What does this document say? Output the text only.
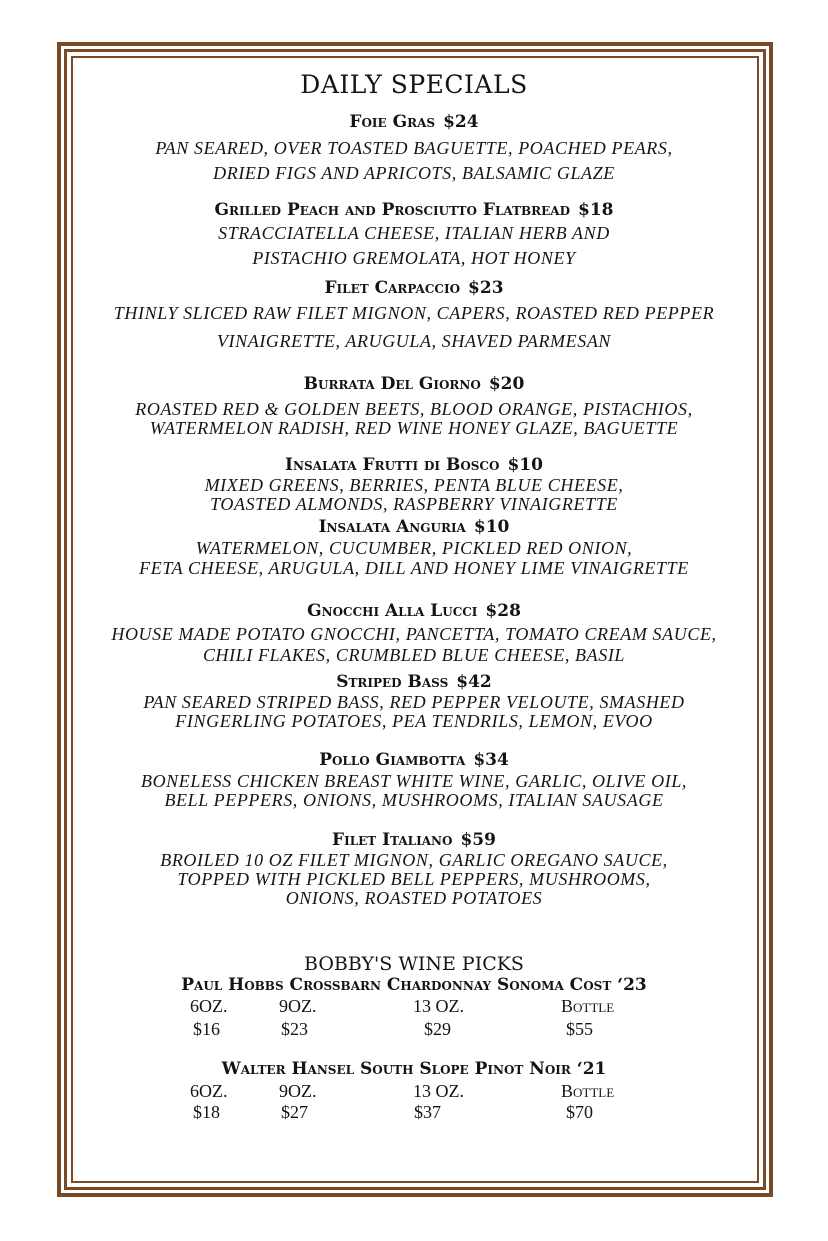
DAILY SPECIALS
Foie Gras $24
PAN SEARED, OVER TOASTED BAGUETTE, POACHED PEARS,
DRIED FIGS AND APRICOTS, BALSAMIC GLAZE
Grilled Peach and Prosciutto Flatbread $18
STRACCIATELLA CHEESE, ITALIAN HERB AND
PISTACHIO GREMOLATA, HOT HONEY
Filet Carpaccio $23
THINLY SLICED RAW FILET MIGNON, CAPERS, ROASTED RED PEPPER
VINAIGRETTE, ARUGULA, SHAVED PARMESAN
Burrata Del Giorno $20
ROASTED RED & GOLDEN BEETS, BLOOD ORANGE, PISTACHIOS,
WATERMELON RADISH, RED WINE HONEY GLAZE, BAGUETTE
Insalata Frutti di Bosco $10
MIXED GREENS, BERRIES, PENTA BLUE CHEESE,
TOASTED ALMONDS, RASPBERRY VINAIGRETTE
Insalata Anguria $10
WATERMELON, CUCUMBER, PICKLED RED ONION,
FETA CHEESE, ARUGULA, DILL AND HONEY LIME VINAIGRETTE
Gnocchi Alla Lucci $28
HOUSE MADE POTATO GNOCCHI, PANCETTA, TOMATO CREAM SAUCE,
CHILI FLAKES, CRUMBLED BLUE CHEESE, BASIL
Striped Bass $42
PAN SEARED STRIPED BASS, RED PEPPER VELOUTE, SMASHED
FINGERLING POTATOES, PEA TENDRILS, LEMON, EVOO
Pollo Giambotta $34
BONELESS CHICKEN BREAST WHITE WINE, GARLIC, OLIVE OIL,
BELL PEPPERS, ONIONS, MUSHROOMS, ITALIAN SAUSAGE
Filet Italiano $59
BROILED 10 OZ FILET MIGNON, GARLIC OREGANO SAUCE,
TOPPED WITH PICKLED BELL PEPPERS, MUSHROOMS,
ONIONS, ROASTED POTATOES
BOBBY'S WINE PICKS
Paul Hobbs Crossbarn Chardonnay Sonoma Cost ‘23
6OZ.	9OZ.	13 OZ.	Bottle
$16	$23	$29	$55
Walter Hansel South Slope Pinot Noir ‘21
6OZ.	9OZ.	13 OZ.	Bottle
$18	$27	$37	$70
